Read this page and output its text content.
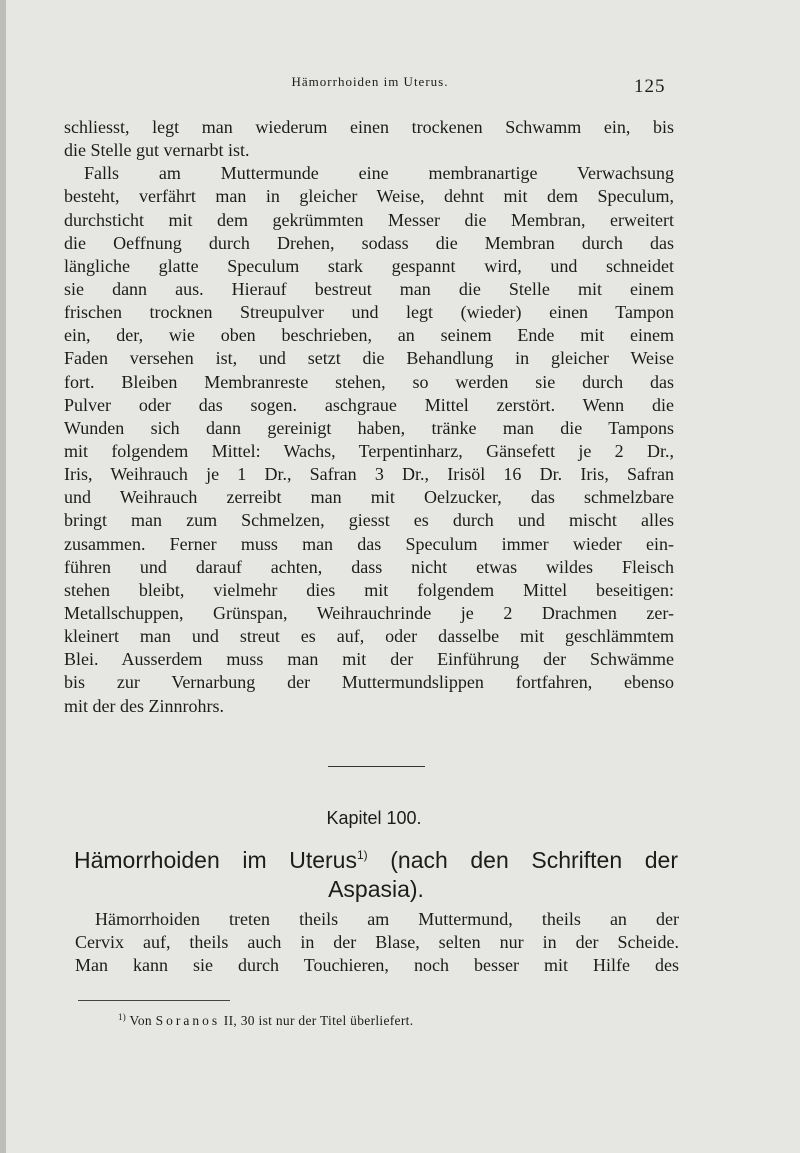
Hämorrhoiden im Uterus.	125
schliesst, legt man wiederum einen trockenen Schwamm ein, bis
die Stelle gut vernarbt ist.
Falls am Muttermunde eine membranartige Verwachsung
besteht, verfährt man in gleicher Weise, dehnt mit dem Speculum,
durchsticht mit dem gekrümmten Messer die Membran, erweitert
die Oeffnung durch Drehen, sodass die Membran durch das
längliche glatte Speculum stark gespannt wird, und schneidet
sie dann aus. Hierauf bestreut man die Stelle mit einem
frischen trocknen Streupulver und legt (wieder) einen Tampon
ein, der, wie oben beschrieben, an seinem Ende mit einem
Faden versehen ist, und setzt die Behandlung in gleicher Weise
fort. Bleiben Membranreste stehen, so werden sie durch das
Pulver oder das sogen. aschgraue Mittel zerstört. Wenn die
Wunden sich dann gereinigt haben, tränke man die Tampons
mit folgendem Mittel: Wachs, Terpentinharz, Gänsefett je 2 Dr.,
Iris, Weihrauch je 1 Dr., Safran 3 Dr., Irisöl 16 Dr. Iris, Safran
und Weihrauch zerreibt man mit Oelzucker, das schmelzbare
bringt man zum Schmelzen, giesst es durch und mischt alles
zusammen. Ferner muss man das Speculum immer wieder ein-
führen und darauf achten, dass nicht etwas wildes Fleisch
stehen bleibt, vielmehr dies mit folgendem Mittel beseitigen:
Metallschuppen, Grünspan, Weihrauchrinde je 2 Drachmen zer-
kleinert man und streut es auf, oder dasselbe mit geschlämmtem
Blei. Ausserdem muss man mit der Einführung der Schwämme
bis zur Vernarbung der Muttermundslippen fortfahren, ebenso
mit der des Zinnrohrs.
Kapitel 100.
Hämorrhoiden im Uterus$^{1)}$ (nach den Schriften der
Aspasia).
Hämorrhoiden treten theils am Muttermund, theils an der
Cervix auf, theils auch in der Blase, selten nur in der Scheide.
Man kann sie durch Touchieren, noch besser mit Hilfe des
$^{1)}$ Von Soranos II, 30 ist nur der Titel überliefert.
